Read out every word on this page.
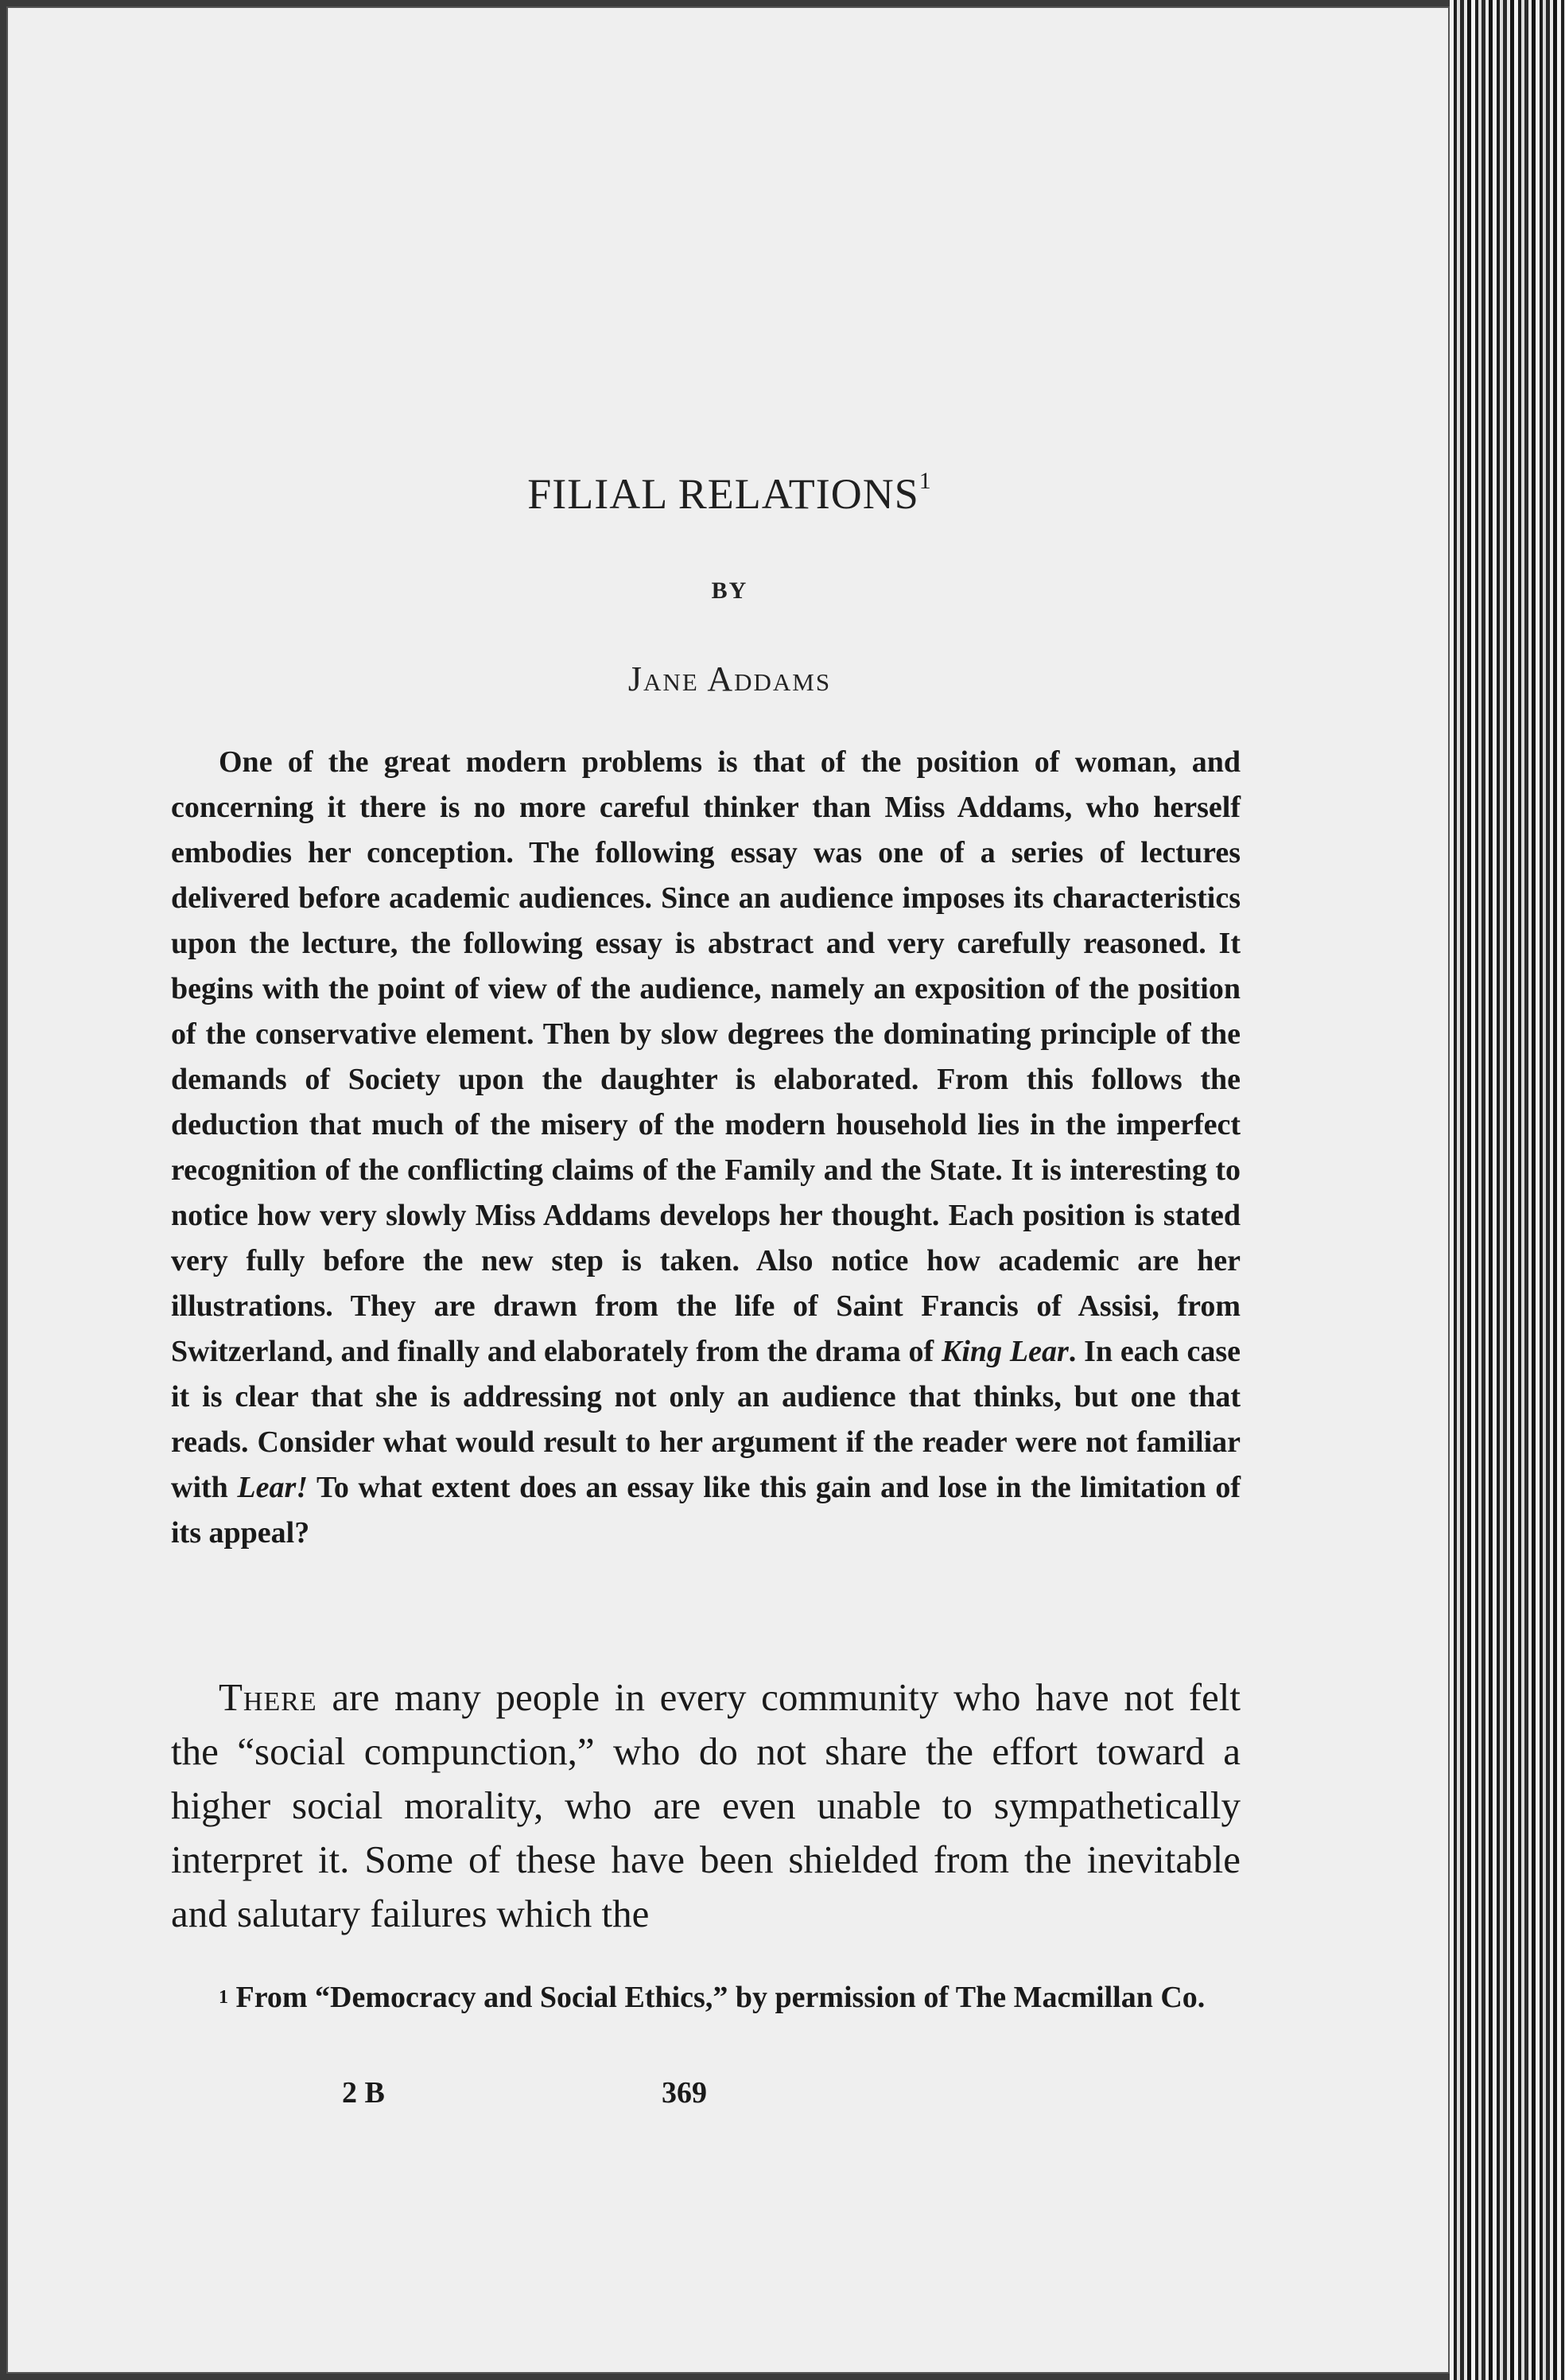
FILIAL RELATIONS$^1$
BY
Jane Addams

One of the great modern problems is that of the position of woman, and concerning it there is no more careful thinker than Miss Addams, who herself embodies her conception. The following essay was one of a series of lectures delivered before academic audiences. Since an audience imposes its characteristics upon the lecture, the following essay is abstract and very carefully reasoned. It begins with the point of view of the audience, namely an exposition of the position of the conservative element. Then by slow degrees the dominating principle of the demands of Society upon the daughter is elaborated. From this follows the deduction that much of the misery of the modern household lies in the imperfect recognition of the conflicting claims of the Family and the State. It is interesting to notice how very slowly Miss Addams develops her thought. Each position is stated very fully before the new step is taken. Also notice how academic are her illustrations. They are drawn from the life of Saint Francis of Assisi, from Switzerland, and finally and elaborately from the drama of King Lear. In each case it is clear that she is addressing not only an audience that thinks, but one that reads. Consider what would result to her argument if the reader were not familiar with Lear! To what extent does an essay like this gain and lose in the limitation of its appeal?

There are many people in every community who have not felt the “social compunction,” who do not share the effort toward a higher social morality, who are even unable to sympathetically interpret it. Some of these have been shielded from the inevitable and salutary failures which the

$^1$ From “Democracy and Social Ethics,” by permission of The Macmillan Co.

2 B	369
